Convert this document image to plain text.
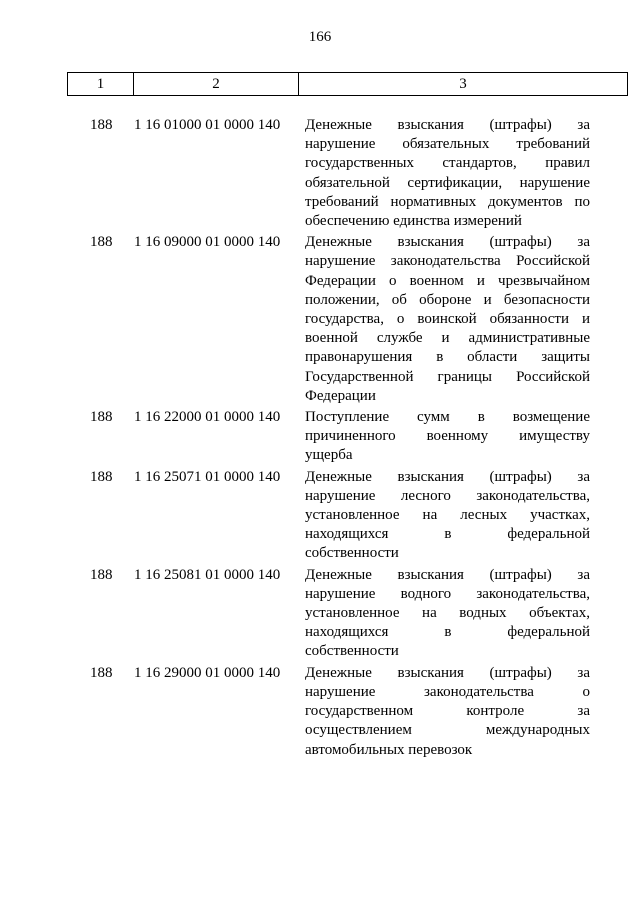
166
1	2	3
188 1 16 01000 01 0000 140	Денежные взыскания (штрафы) за
нарушение обязательных требований
государственных стандартов, правил
обязательной сертификации, нарушение
требований нормативных документов по
обеспечению единства измерений
188 1 16 09000 01 0000 140	Денежные взыскания (штрафы) за
нарушение законодательства Российской
Федерации о военном и чрезвычайном
положении, об обороне и безопасности
государства, о воинской обязанности и
военной службе и административные
правонарушения в области защиты
Государственной границы Российской
Федерации
188 1 16 22000 01 0000 140	Поступление сумм в возмещение
причиненного военному имуществу
ущерба
188 1 16 25071 01 0000 140	Денежные взыскания (штрафы) за
нарушение лесного законодательства,
установленное на лесных участках,
находящихся в федеральной
собственности
188 1 16 25081 01 0000 140	Денежные взыскания (штрафы) за
нарушение водного законодательства,
установленное на водных объектах,
находящихся в федеральной
собственности
188 1 16 29000 01 0000 140	Денежные взыскания (штрафы) за
нарушение законодательства о
государственном контроле за
осуществлением международных
автомобильных перевозок
